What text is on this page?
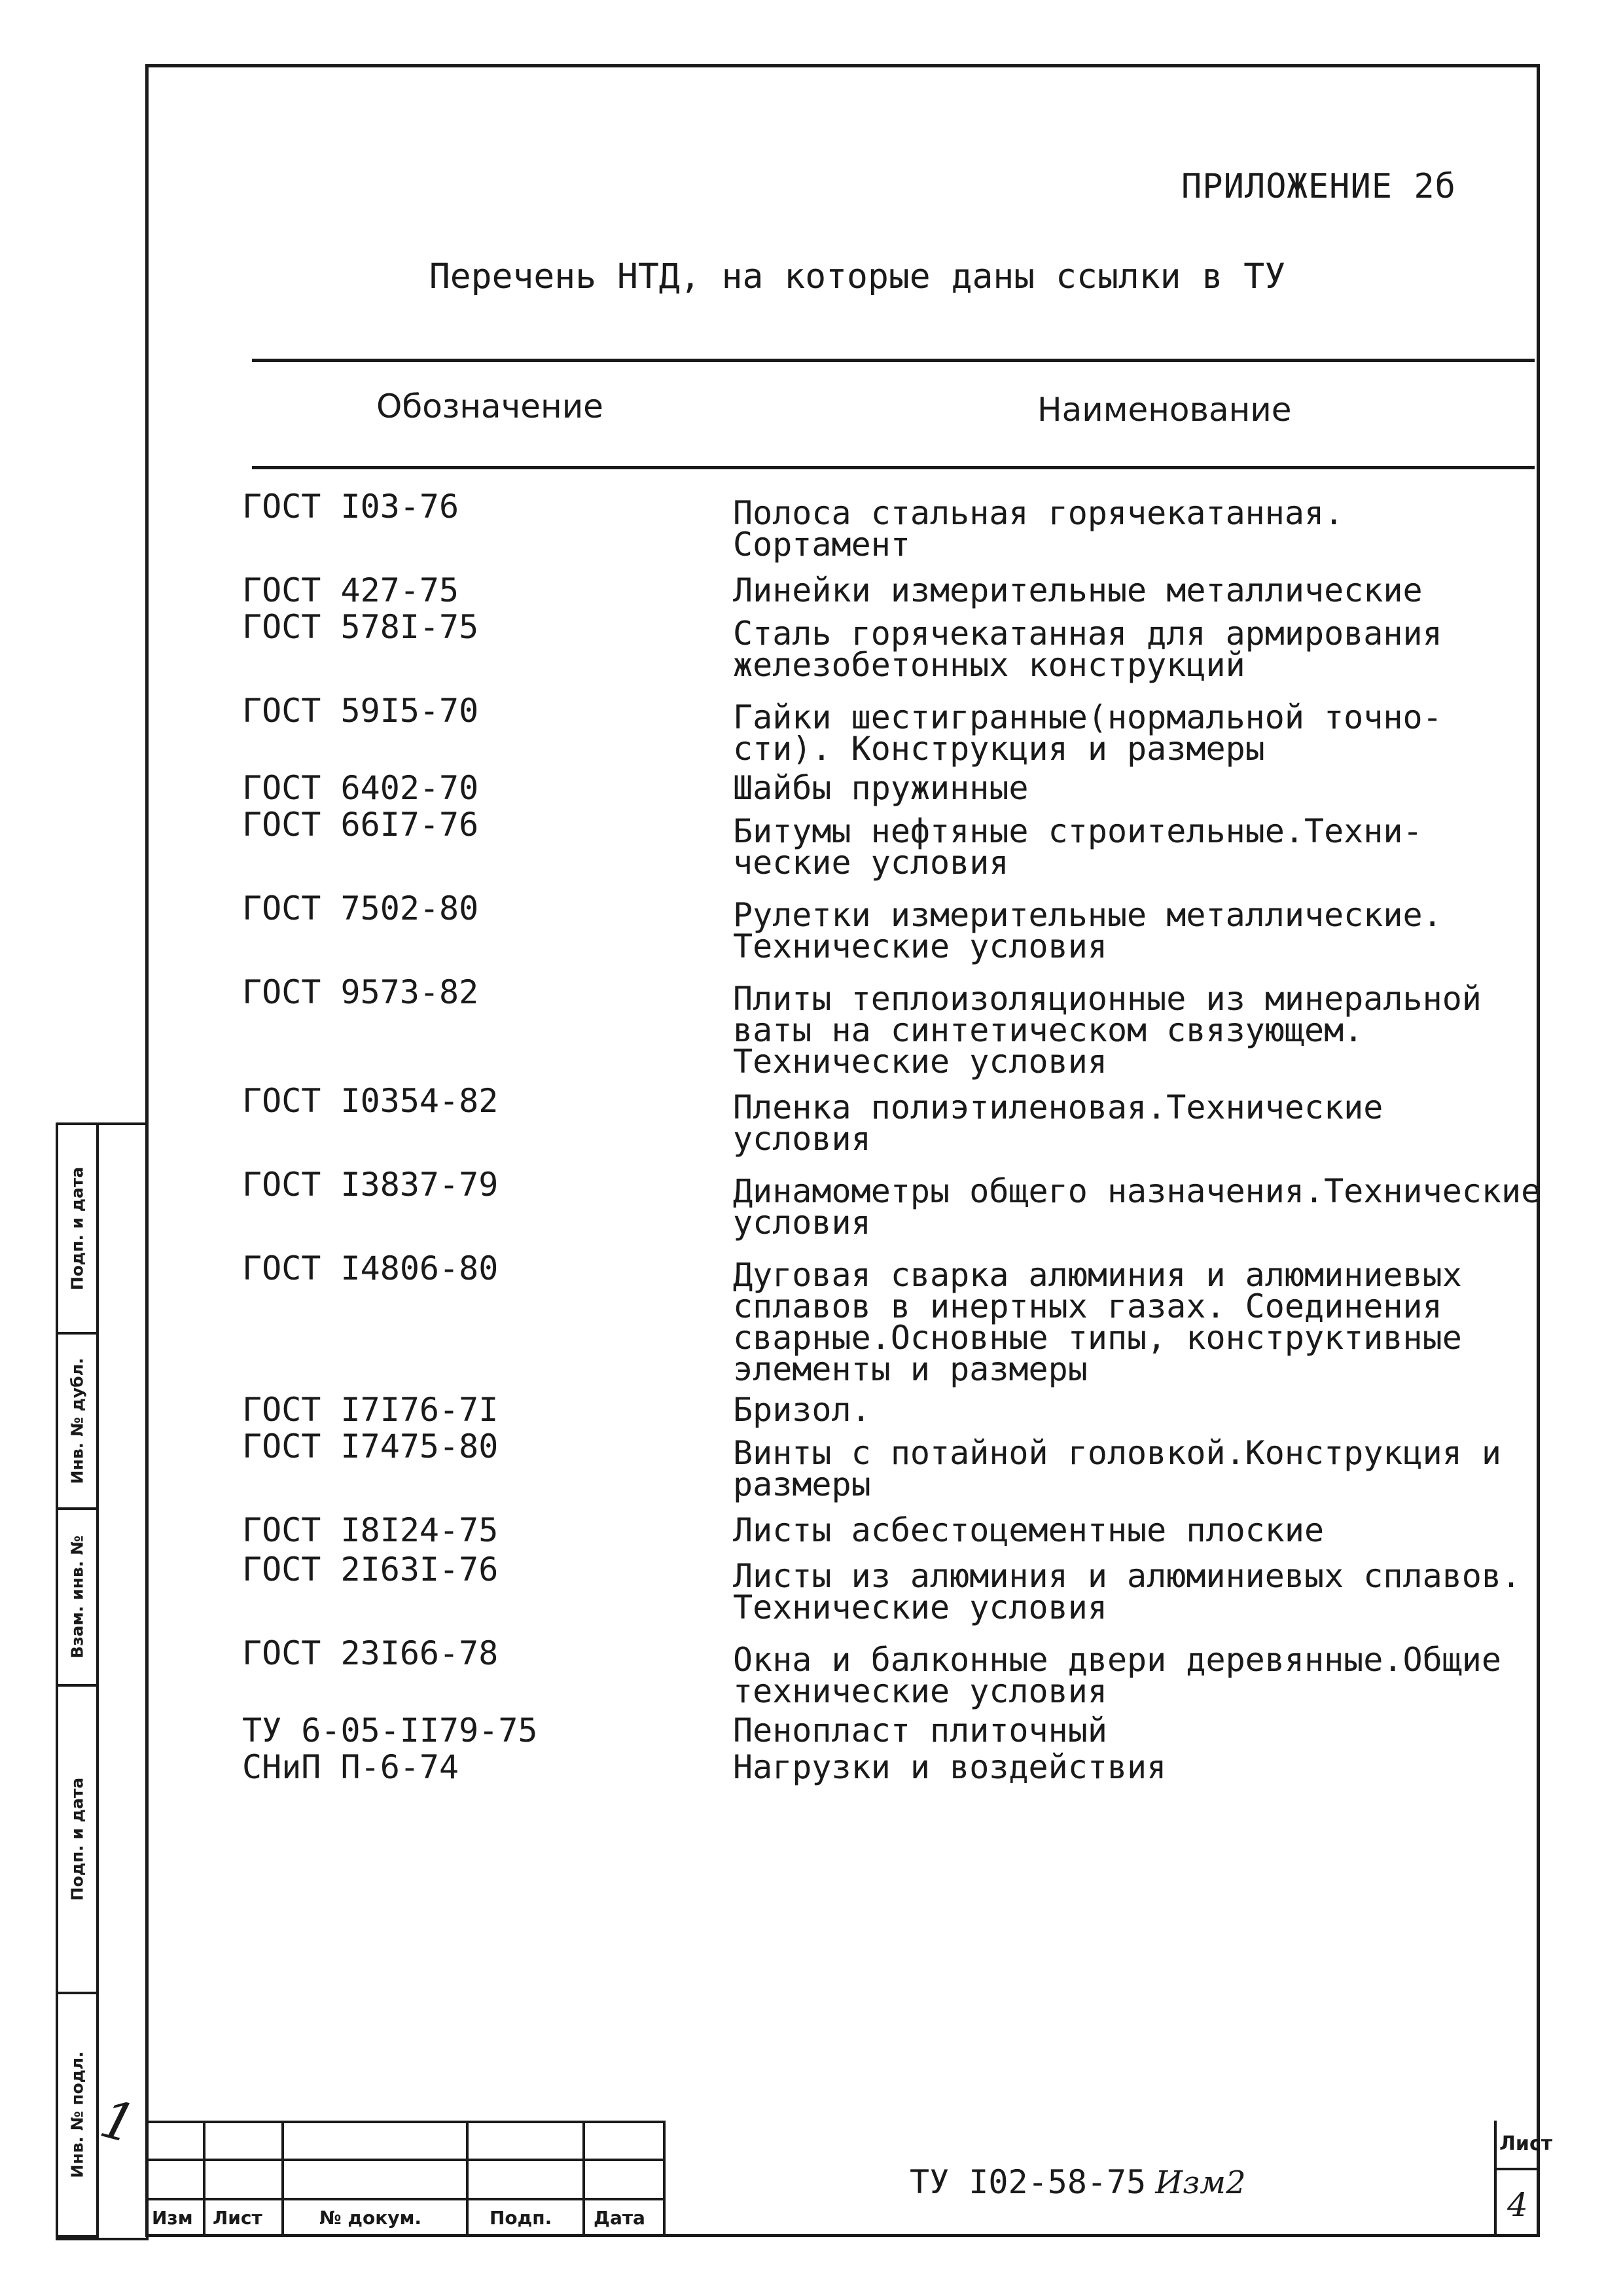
ПРИЛОЖЕНИЕ 2б
Перечень НТД, на которые даны ссылки в ТУ
Обозначение	Наименование
ГОСТ I03-76	Полоса стальная горячекатанная.
Сортамент
ГОСТ 427-75	Линейки измерительные металлические
ГОСТ 578I-75	Сталь горячекатанная для армирования
железобетонных конструкций
ГОСТ 59I5-70	Гайки шестигранные(нормальной точно-
сти). Конструкция и размеры
ГОСТ 6402-70	Шайбы пружинные
ГОСТ 66I7-76	Битумы нефтяные строительные.Техни-
ческие условия
ГОСТ 7502-80	Рулетки измерительные металлические.
Технические условия
ГОСТ 9573-82	Плиты теплоизоляционные из минеральной
ваты на синтетическом связующем.
Технические условия
ГОСТ I0354-82	Пленка полиэтиленовая.Технические
условия
ГОСТ I3837-79	Динамометры общего назначения.Технические
условия
ГОСТ I4806-80	Дуговая сварка алюминия и алюминиевых
сплавов в инертных газах. Соединения
сварные.Основные типы, конструктивные
элементы и размеры
ГОСТ I7I76-7I	Бризол.
ГОСТ I7475-80	Винты с потайной головкой.Конструкция и
размеры
ГОСТ I8I24-75	Листы асбестоцементные плоские
ГОСТ 2I63I-76	Листы из алюминия и алюминиевых сплавов.
Технические условия
ГОСТ 23I66-78	Окна и балконные двери деревянные.Общие
технические условия
ТУ 6-05-II79-75	Пенопласт плиточный
СНиП П-6-74	Нагрузки и воздействия
Подп. и дата
Инв. № дубл.
Взам. инв. №
Подп. и дата
Инв. № подл. 1
Изм Лист	№ докум.	Подп. Дата
ТУ I02-58-75 Изм2
Лист
4
